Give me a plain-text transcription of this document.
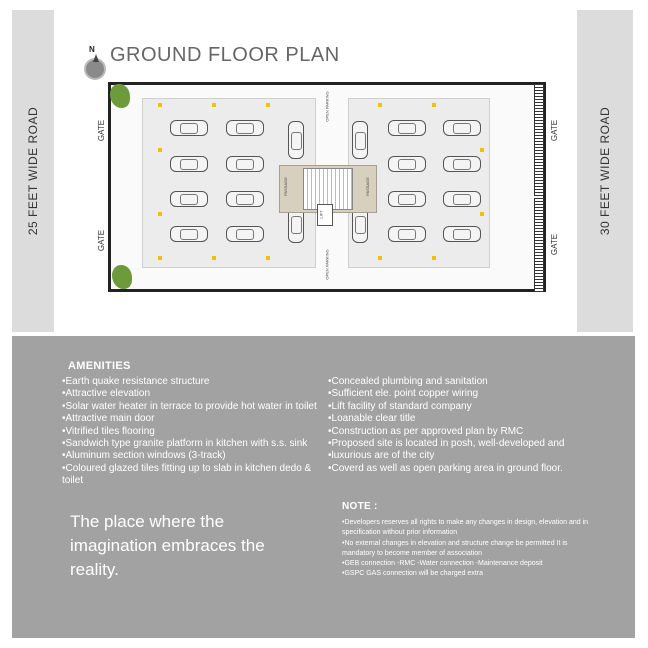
25 FEET WIDE ROAD	30 FEET WIDE ROAD
N GROUND FLOOR PLAN
GATE
GATE
GATE
GATE
OPEN PARKING
OPEN PARKING
PASSAGE	PASSAGE
LIFT
AMENITIES
• Earth quake resistance structure
• Attractive elevation
• Solar water heater in terrace to provide hot water in toilet
• Attractive main door
• Vitrified tiles flooring
• Sandwich type granite platform in kitchen with s.s. sink
• Aluminum section windows (3-track)
• Coloured glazed tiles fitting up to slab in kitchen dedo & toilet
• Concealed plumbing and sanitation
• Sufficient ele. point copper wiring
• Lift facility of standard company
• Loanable clear title
• Construction as per approved plan by RMC
• Proposed site is located in posh, well-developed and
• luxurious are of the city
• Coverd as well as open parking area in ground floor.
The place where the imagination embraces the reality.
NOTE :
• Developers reserves all rights to make any changes in design, elevation and in specification without prior information
• No external changes in elevation and structure change be permitted It is mandatory to become member of association
• GEB connection -RMC -Water connection -Maintenance deposit
• GSPC GAS connection will be charged extra
